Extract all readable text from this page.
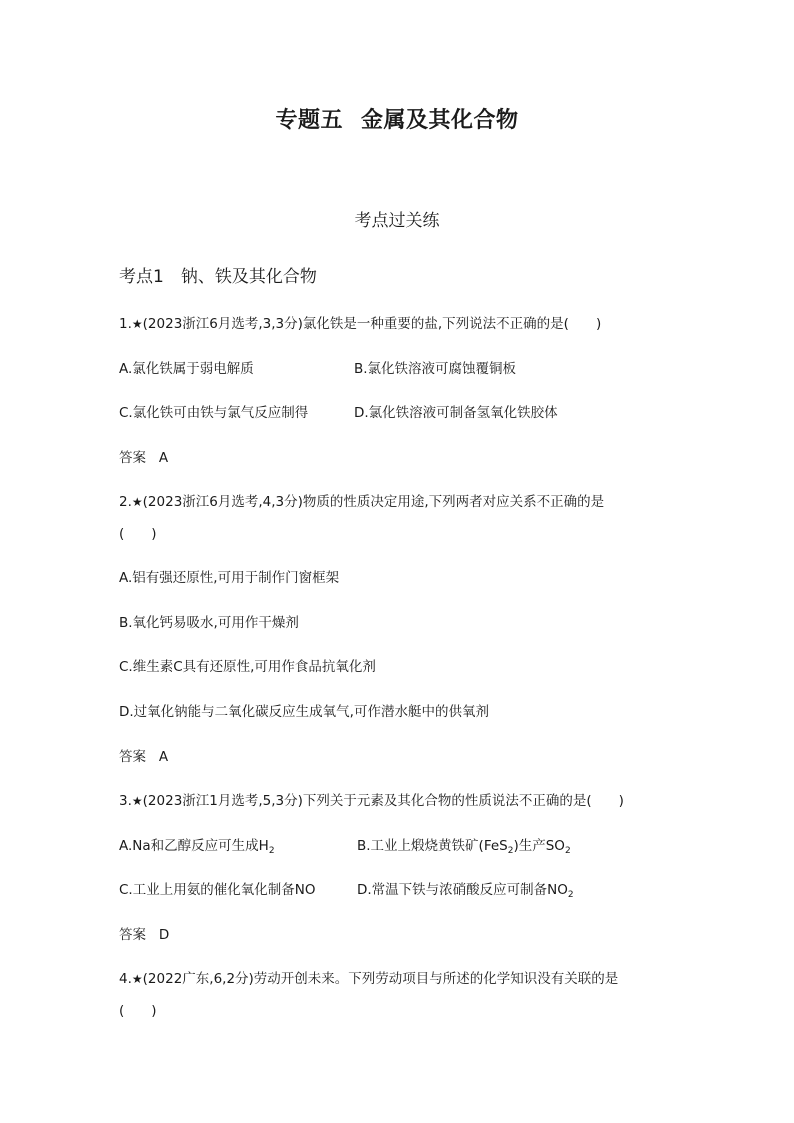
专题五 金属及其化合物
考点过关练
考点1　钠、铁及其化合物
1.★(2023浙江6月选考,3,3分)氯化铁是一种重要的盐,下列说法不正确的是(　　)
A.氯化铁属于弱电解质	B.氯化铁溶液可腐蚀覆铜板
C.氯化铁可由铁与氯气反应制得	D.氯化铁溶液可制备氢氧化铁胶体
答案 A
2.★(2023浙江6月选考,4,3分)物质的性质决定用途,下列两者对应关系不正确的是
(　　)
A.铝有强还原性,可用于制作门窗框架
B.氧化钙易吸水,可用作干燥剂
C.维生素C具有还原性,可用作食品抗氧化剂
D.过氧化钠能与二氧化碳反应生成氧气,可作潜水艇中的供氧剂
答案 A
3.★(2023浙江1月选考,5,3分)下列关于元素及其化合物的性质说法不正确的是(　　)
A.Na和乙醇反应可生成$H_2$	B.工业上煅烧黄铁矿(FeS$_2$)生产$SO_2$
C.工业上用氨的催化氧化制备NO	D.常温下铁与浓硝酸反应可制备$NO_2$
答案 D
4.★(2022广东,6,2分)劳动开创未来。下列劳动项目与所述的化学知识没有关联的是
(　　)
